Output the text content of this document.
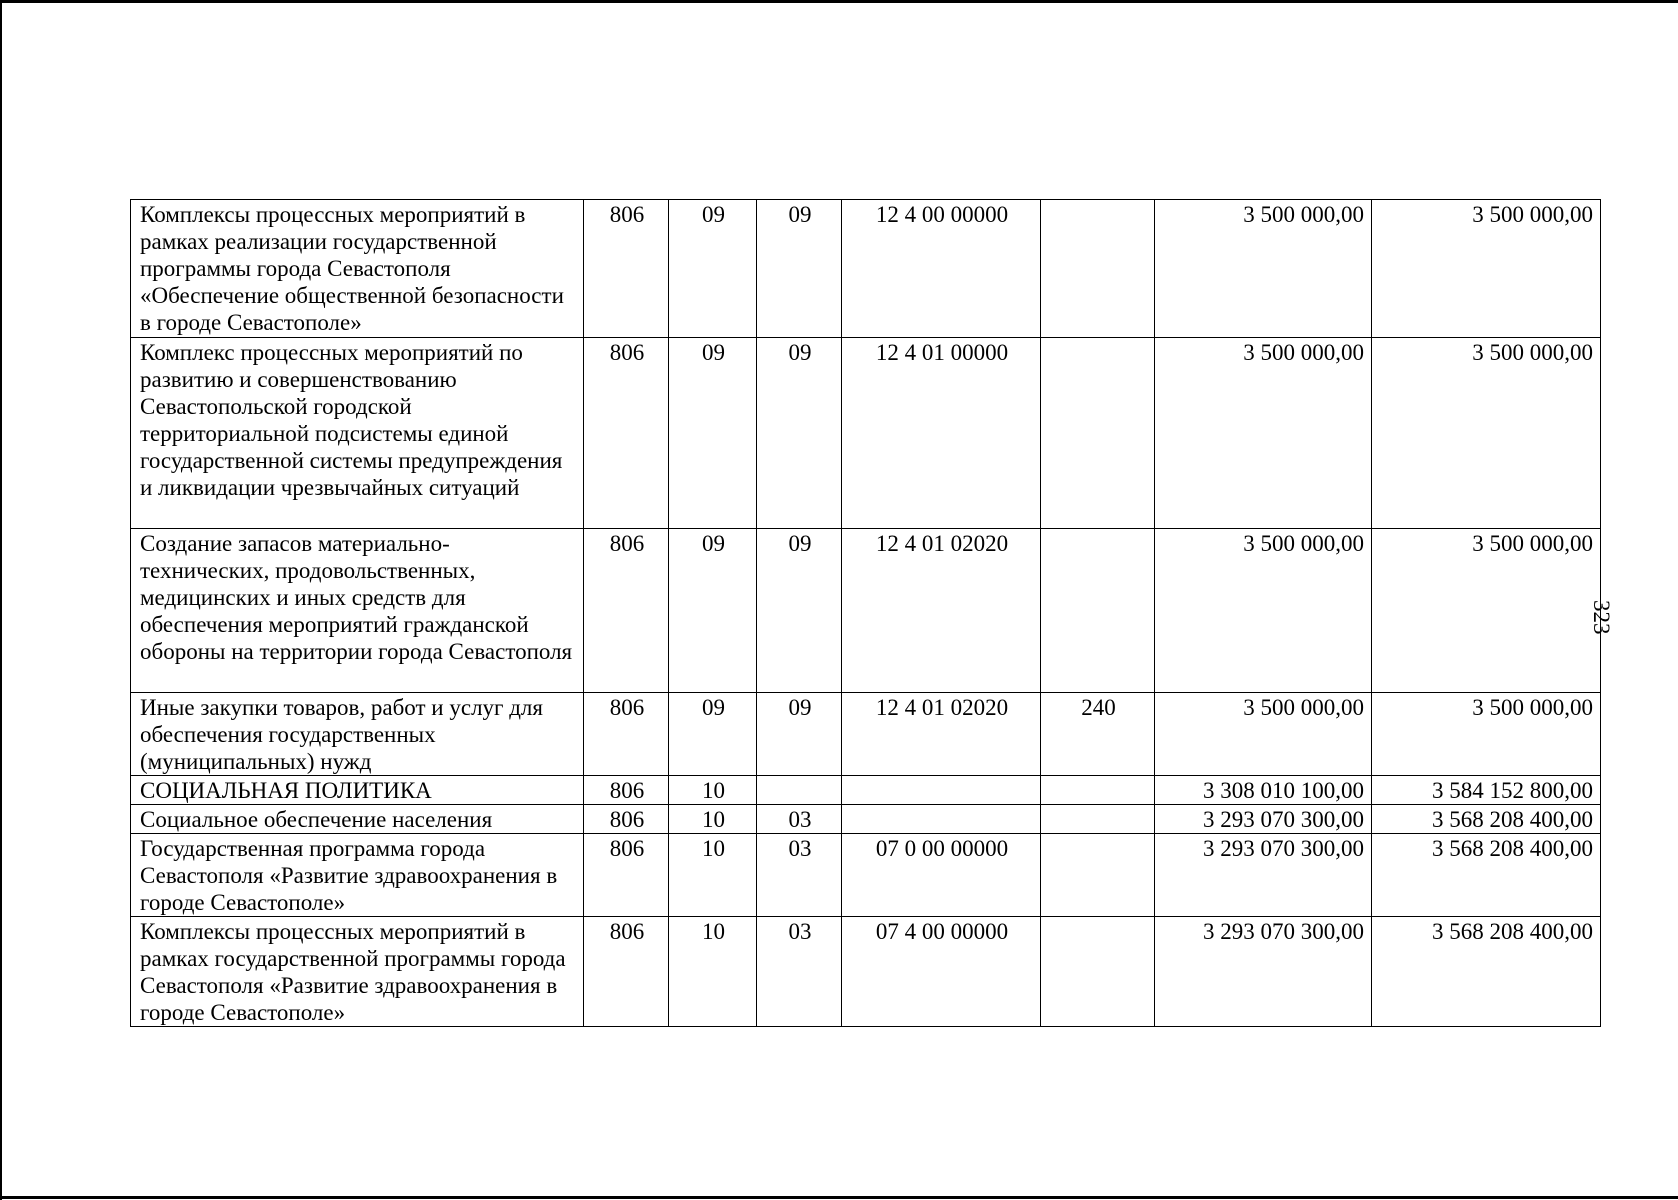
Комплексы процессных мероприятий в рамках реализации государственной программы города Севастополя «Обеспечение общественной безопасности в городе Севастополе»	806	09	09	12 4 00 00000		3 500 000,00	3 500 000,00
Комплекс процессных мероприятий по развитию и совершенствованию Севастопольской городской территориальной подсистемы единой государственной системы предупреждения и ликвидации чрезвычайных ситуаций	806	09	09	12 4 01 00000		3 500 000,00	3 500 000,00
Создание запасов материально-технических, продовольственных, медицинских и иных средств для обеспечения мероприятий гражданской обороны на территории города Севастополя	806	09	09	12 4 01 02020		3 500 000,00	3 500 000,00
Иные закупки товаров, работ и услуг для обеспечения государственных (муниципальных) нужд	806	09	09	12 4 01 02020	240	3 500 000,00	3 500 000,00
СОЦИАЛЬНАЯ ПОЛИТИКА	806	10				3 308 010 100,00	3 584 152 800,00
Социальное обеспечение населения	806	10	03			3 293 070 300,00	3 568 208 400,00
Государственная программа города Севастополя «Развитие здравоохранения в городе Севастополе»	806	10	03	07 0 00 00000		3 293 070 300,00	3 568 208 400,00
Комплексы процессных мероприятий в рамках государственной программы города Севастополя «Развитие здравоохранения в городе Севастополе»	806	10	03	07 4 00 00000		3 293 070 300,00	3 568 208 400,00
323
